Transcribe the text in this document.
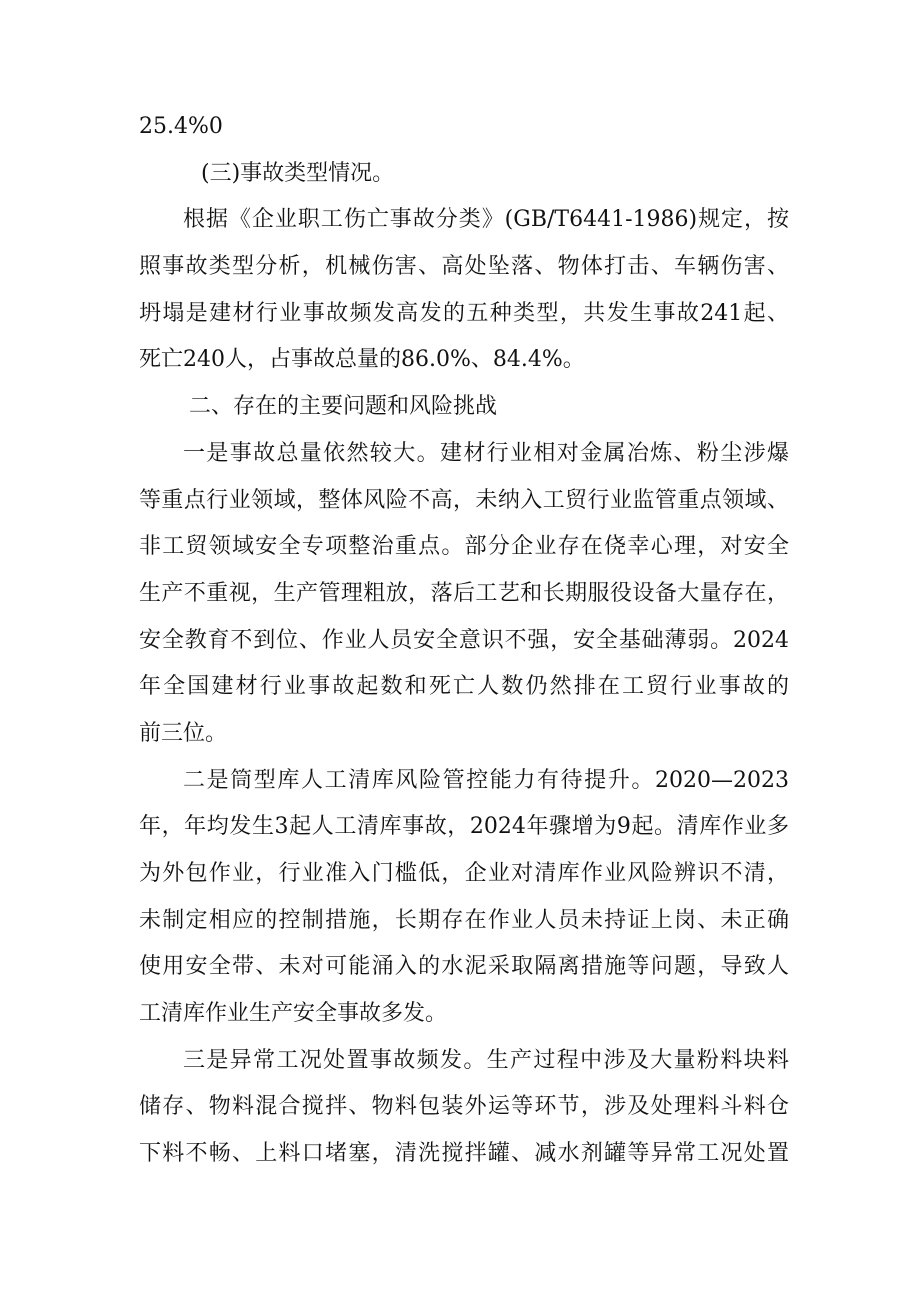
25.4%0
(三)事故类型情况。
根据《企业职工伤亡事故分类》(GB/T6441-1986)规定，按
照事故类型分析，机械伤害、高处坠落、物体打击、车辆伤害、
坍塌是建材行业事故频发高发的五种类型，共发生事故241起、
死亡240人，占事故总量的86.0%、84.4%。
二、存在的主要问题和风险挑战
一是事故总量依然较大。建材行业相对金属冶炼、粉尘涉爆
等重点行业领域，整体风险不高，未纳入工贸行业监管重点领域、
非工贸领域安全专项整治重点。部分企业存在侥幸心理，对安全
生产不重视，生产管理粗放，落后工艺和长期服役设备大量存在，
安全教育不到位、作业人员安全意识不强，安全基础薄弱。2024
年全国建材行业事故起数和死亡人数仍然排在工贸行业事故的
前三位。
二是筒型库人工清库风险管控能力有待提升。2020—2023
年，年均发生3起人工清库事故，2024年骤增为9起。清库作业多
为外包作业，行业准入门槛低，企业对清库作业风险辨识不清，
未制定相应的控制措施，长期存在作业人员未持证上岗、未正确
使用安全带、未对可能涌入的水泥采取隔离措施等问题，导致人
工清库作业生产安全事故多发。
三是异常工况处置事故频发。生产过程中涉及大量粉料块料
储存、物料混合搅拌、物料包装外运等环节，涉及处理料斗料仓
下料不畅、上料口堵塞，清洗搅拌罐、减水剂罐等异常工况处置
